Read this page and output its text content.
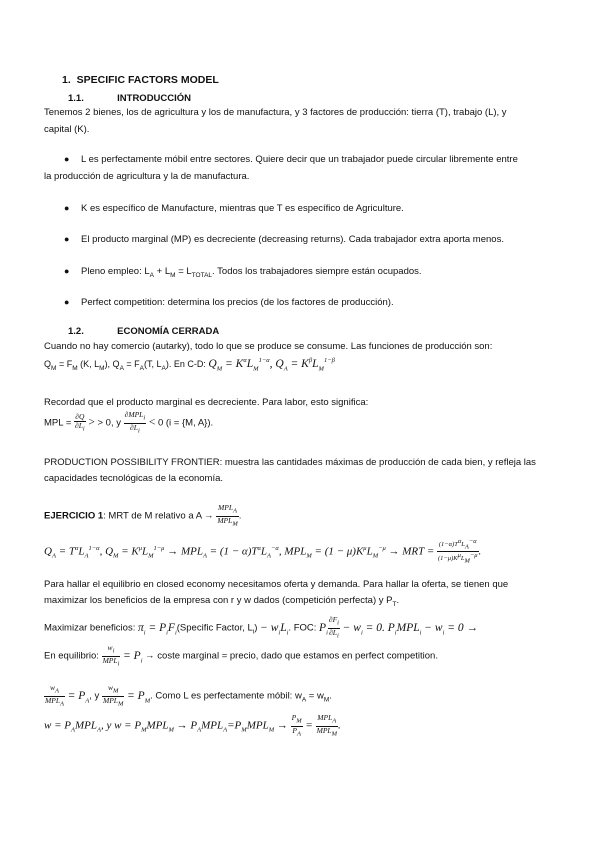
1. SPECIFIC FACTORS MODEL
1.1.	INTRODUCCIÓN
Tenemos 2 bienes, los de agricultura y los de manufactura, y 3 factores de producción: tierra (T), trabajo (L), y
capital (K).
● L es perfectamente móbil entre sectores. Quiere decir que un trabajador puede circular libremente entre
la producción de agricultura y la de manufactura.
● K es específico de Manufacture, mientras que T es específico de Agriculture.
● El producto marginal (MP) es decreciente (decreasing returns). Cada trabajador extra aporta menos.
● Pleno empleo: $L_A + L_M = L_{TOTAL}$. Todos los trabajadores siempre están ocupados.
● Perfect competition: determina los precios (de los factores de producción).
1.2.	ECONOMÍA CERRADA
Cuando no hay comercio (autarky), todo lo que se produce se consume. Las funciones de producción son:
$Q_M = F_M$ (K, $L_M$), $Q_A = F_A(T$, $L_A$). En C-D: $Q_M = K^\alpha L_M^{1-\alpha}$, $Q_A = K^\beta L_M^{1-\beta}$
Recordad que el producto marginal es decreciente. Para labor, esto significa:
MPL = $\frac{\partial Q}{\partial L_i}$ > > 0, y $\frac{\partial MPL_i}{\partial L_i} < 0$ (i = {M, A}).
PRODUCTION POSSIBILITY FRONTIER: muestra las cantidades máximas de producción de cada bien, y refleja las
capacidades tecnológicas de la economía.
EJERCICIO 1: MRT de M relativo a $A \to \frac{MPL_A}{MPL_M}$ .
$Q_A = T^\alpha L_A^{1-\alpha}$, $Q_M = K^\mu L_M^{1-\mu} \to MPL_A = (1 - \alpha)T^\alpha L_A^{-\alpha}$, $MPL_M = (1 - \mu)K^\mu L_M^{-\mu}$ → MRT = $\frac{(1-\alpha)T^\alpha L_A^{-\alpha}}{(1-\mu)K^\mu L_M^{-\mu}}$ .
Para hallar el equilibrio en closed economy necesitamos oferta y demanda. Para hallar la oferta, se tienen que
maximizar los beneficios de la empresa con r y w dados (competición perfecta) y $P_T$.
Maximizar beneficios: $\pi_i$ = $P_iF_i(Specific$ Factor, $L_i) - w_iL_i$. FOC: $P_i \frac{\partial F_i}{\partial L_i} - w_i = 0$. $P_iMPL_i - w_i = 0$ →
En equilibrio: $\frac{w_i}{MPL_i} = P_i$ → coste marginal = precio, dado que estamos en perfect competition.
$\frac{w_A}{MPL_A} = P_A$, y $\frac{w_M}{MPL_M} = P_M$. Como L es perfectamente móbil: $w_A = w_M$.
$w = P_AMPL_A$, y $w = P_MMPL_M \to P_AMPL_A=P_MMPL_M \to \frac{P_M}{P_A} = \frac{MPL_A}{MPL_M}$ .
